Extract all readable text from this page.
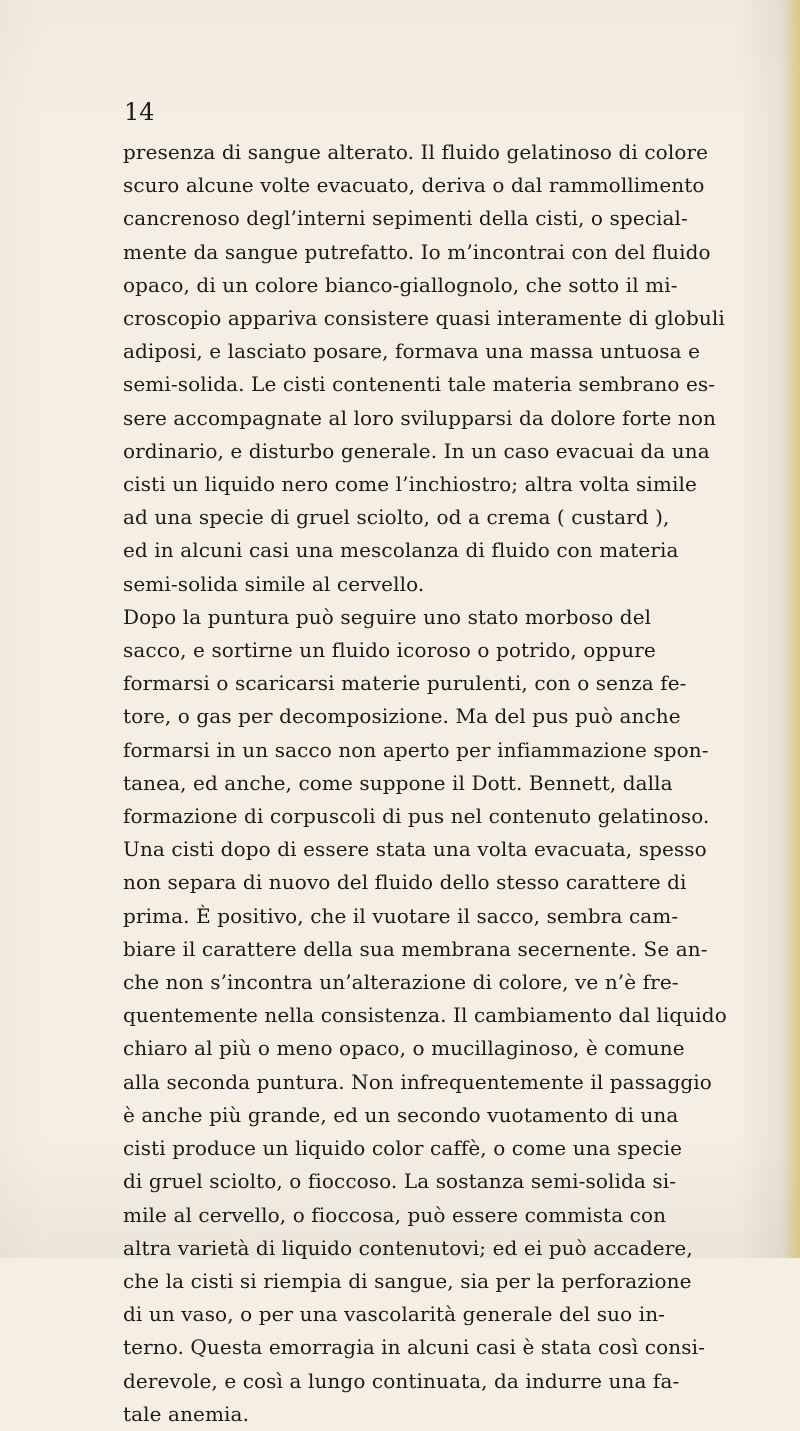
14
presenza di sangue alterato. Il fluido gelatinoso di colore
scuro alcune volte evacuato, deriva o dal rammollimento
cancrenoso degl’interni sepimenti della cisti, o special-
mente da sangue putrefatto. Io m’incontrai con del fluido
opaco, di un colore bianco-giallognolo, che sotto il mi-
croscopio appariva consistere quasi interamente di globuli
adiposi, e lasciato posare, formava una massa untuosa e
semi-solida. Le cisti contenenti tale materia sembrano es-
sere accompagnate al loro svilupparsi da dolore forte non
ordinario, e disturbo generale. In un caso evacuai da una
cisti un liquido nero come l’inchiostro; altra volta simile
ad una specie di gruel sciolto, od a crema ( custard ),
ed in alcuni casi una mescolanza di fluido con materia
semi-solida simile al cervello.
Dopo la puntura può seguire uno stato morboso del
sacco, e sortirne un fluido icoroso o potrido, oppure
formarsi o scaricarsi materie purulenti, con o senza fe-
tore, o gas per decomposizione. Ma del pus può anche
formarsi in un sacco non aperto per infiammazione spon-
tanea, ed anche, come suppone il Dott. Bennett, dalla
formazione di corpuscoli di pus nel contenuto gelatinoso.
Una cisti dopo di essere stata una volta evacuata, spesso
non separa di nuovo del fluido dello stesso carattere di
prima. È positivo, che il vuotare il sacco, sembra cam-
biare il carattere della sua membrana secernente. Se an-
che non s’incontra un’alterazione di colore, ve n’è fre-
quentemente nella consistenza. Il cambiamento dal liquido
chiaro al più o meno opaco, o mucillaginoso, è comune
alla seconda puntura. Non infrequentemente il passaggio
è anche più grande, ed un secondo vuotamento di una
cisti produce un liquido color caffè, o come una specie
di gruel sciolto, o fioccoso. La sostanza semi-solida si-
mile al cervello, o fioccosa, può essere commista con
altra varietà di liquido contenutovi; ed ei può accadere,
che la cisti si riempia di sangue, sia per la perforazione
di un vaso, o per una vascolarità generale del suo in-
terno. Questa emorragia in alcuni casi è stata così consi-
derevole, e così a lungo continuata, da indurre una fa-
tale anemia.
